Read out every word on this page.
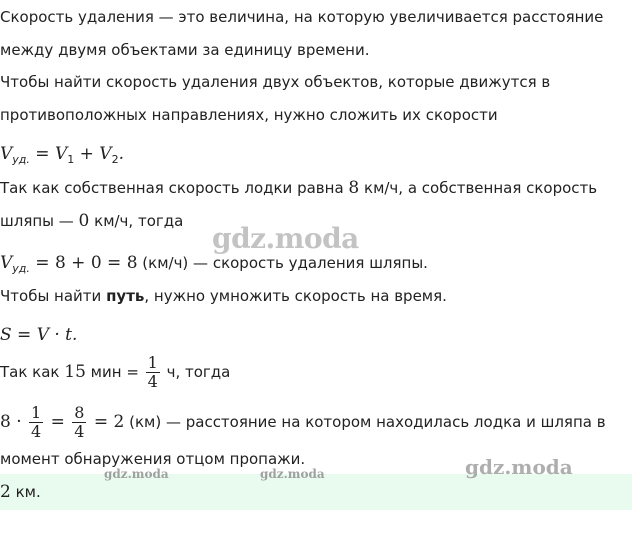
Скорость удаления — это величина, на которую увеличивается расстояние
между двумя объектами за единицу времени.
Чтобы найти скорость удаления двух объектов, которые движутся в
противоположных направлениях, нужно сложить их скорости
$V_{уд.} = V_1 + V_2$.
Так как собственная скорость лодки равна 8 км/ч, а собственная скорость
шляпы — 0 км/ч, тогда
$V_{уд.} = 8 + 0 = 8$ (км/ч) — скорость удаления шляпы.
Чтобы найти путь, нужно умножить скорость на время.
S = V · t.
Так как 15 мин = $\frac{1}{4} ч$, тогда
$8 \cdot \frac{1}{4} = \frac{8}{4} = 2$ (км) — расстояние на котором находилась лодка и шляпа в
момент обнаружения отцом пропажи.
2 км.
gdz.moda
gdz.moda
gdz.moda	gdz.moda
